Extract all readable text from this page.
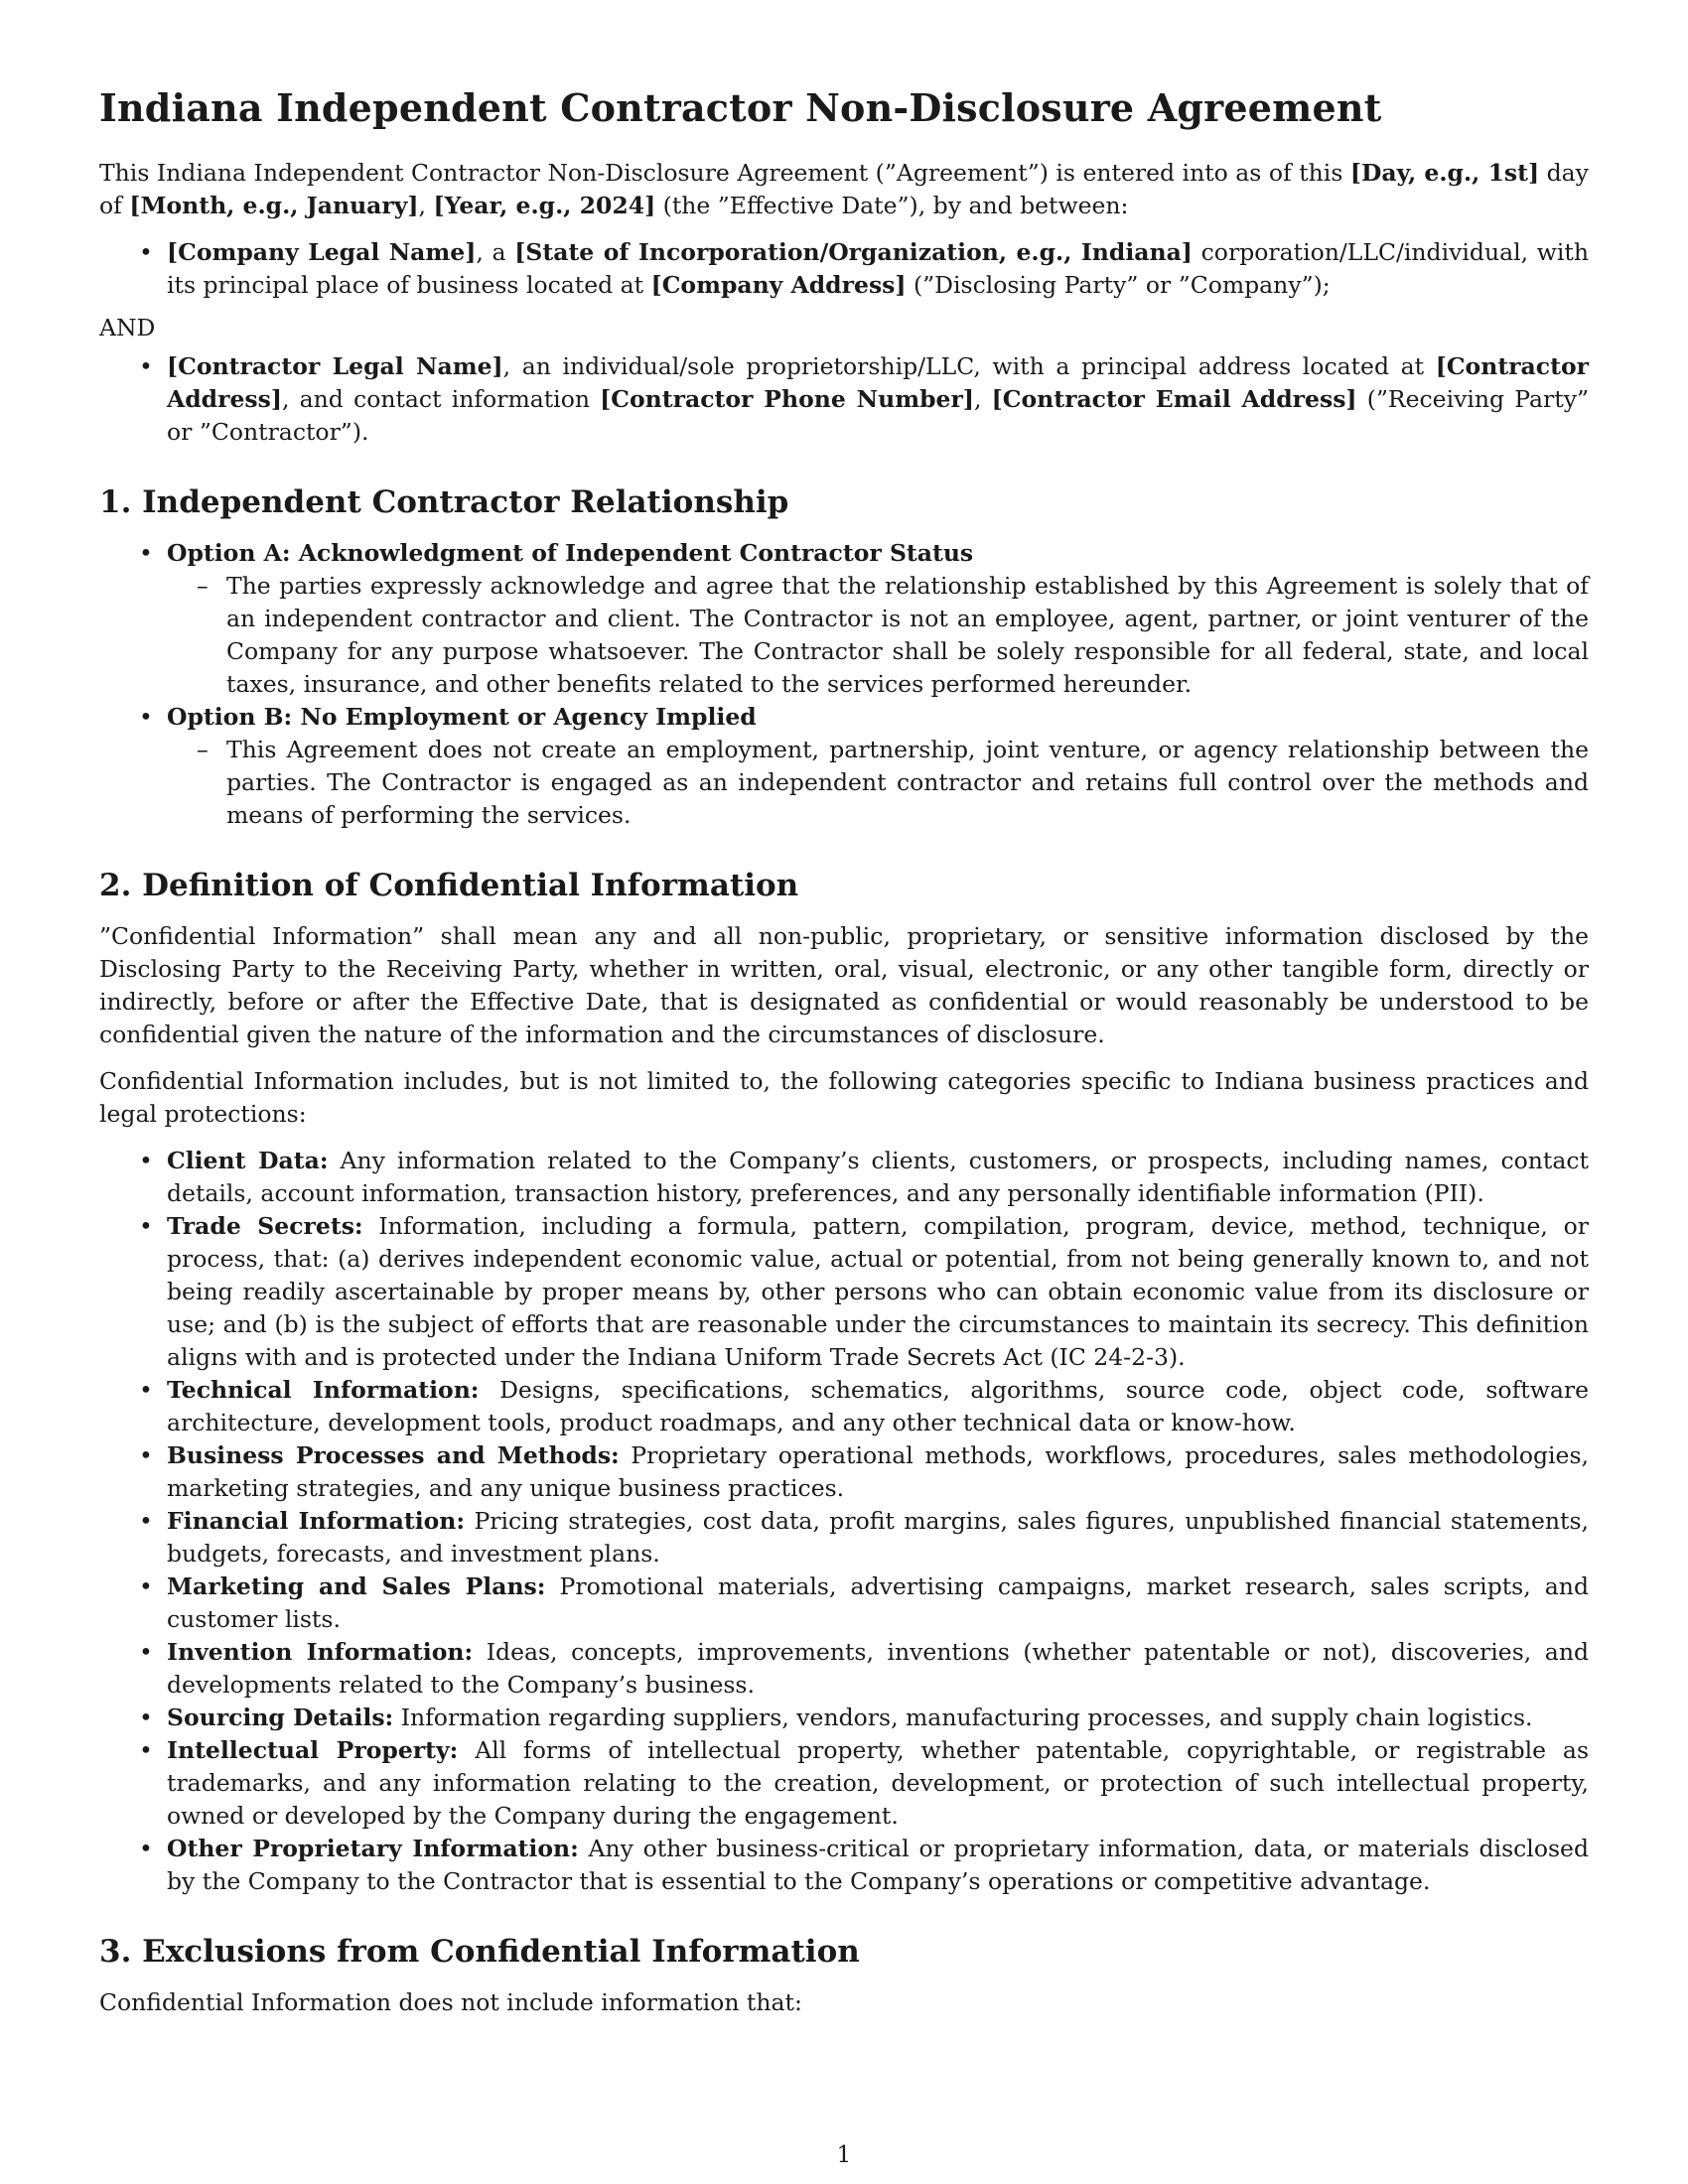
Indiana Independent Contractor Non-Disclosure Agreement

This Indiana Independent Contractor Non-Disclosure Agreement (”Agreement”) is entered into as of this [Day, e.g., 1st] day of [Month, e.g., January], [Year, e.g., 2024] (the ”Effective Date”), by and between:

• [Company Legal Name], a [State of Incorporation/Organization, e.g., Indiana] corporation/LLC/individual, with its principal place of business located at [Company Address] (”Disclosing Party” or ”Company”);
AND
• [Contractor Legal Name], an individual/sole proprietorship/LLC, with a principal address located at [Contractor Address], and contact information [Contractor Phone Number], [Contractor Email Address] (”Receiving Party” or ”Contractor”).
1. Independent Contractor Relationship
• Option A: Acknowledgment of Independent Contractor Status
– The parties expressly acknowledge and agree that the relationship established by this Agreement is solely that of an independent contractor and client. The Contractor is not an employee, agent, partner, or joint venturer of the Company for any purpose whatsoever. The Contractor shall be solely responsible for all federal, state, and local taxes, insurance, and other benefits related to the services performed hereunder.
• Option B: No Employment or Agency Implied
– This Agreement does not create an employment, partnership, joint venture, or agency relationship between the parties. The Contractor is engaged as an independent contractor and retains full control over the methods and means of performing the services.
2. Definition of Confidential Information

”Confidential Information” shall mean any and all non-public, proprietary, or sensitive information disclosed by the Disclosing Party to the Receiving Party, whether in written, oral, visual, electronic, or any other tangible form, directly or indirectly, before or after the Effective Date, that is designated as confidential or would reasonably be understood to be confidential given the nature of the information and the circumstances of disclosure.

Confidential Information includes, but is not limited to, the following categories specific to Indiana business practices and legal protections:

• Client Data: Any information related to the Company’s clients, customers, or prospects, including names, contact details, account information, transaction history, preferences, and any personally identifiable information (PII).
• Trade Secrets: Information, including a formula, pattern, compilation, program, device, method, technique, or process, that: (a) derives independent economic value, actual or potential, from not being generally known to, and not being readily ascertainable by proper means by, other persons who can obtain economic value from its disclosure or use; and (b) is the subject of efforts that are reasonable under the circumstances to maintain its secrecy. This definition aligns with and is protected under the Indiana Uniform Trade Secrets Act (IC 24-2-3).
• Technical Information: Designs, specifications, schematics, algorithms, source code, object code, software architecture, development tools, product roadmaps, and any other technical data or know-how.
• Business Processes and Methods: Proprietary operational methods, workflows, procedures, sales methodologies, marketing strategies, and any unique business practices.
• Financial Information: Pricing strategies, cost data, profit margins, sales figures, unpublished financial statements, budgets, forecasts, and investment plans.
• Marketing and Sales Plans: Promotional materials, advertising campaigns, market research, sales scripts, and customer lists.
• Invention Information: Ideas, concepts, improvements, inventions (whether patentable or not), discoveries, and developments related to the Company’s business.
• Sourcing Details: Information regarding suppliers, vendors, manufacturing processes, and supply chain logistics.
• Intellectual Property: All forms of intellectual property, whether patentable, copyrightable, or registrable as trademarks, and any information relating to the creation, development, or protection of such intellectual property, owned or developed by the Company during the engagement.
• Other Proprietary Information: Any other business-critical or proprietary information, data, or materials disclosed by the Company to the Contractor that is essential to the Company’s operations or competitive advantage.
3. Exclusions from Confidential Information

Confidential Information does not include information that:

1
